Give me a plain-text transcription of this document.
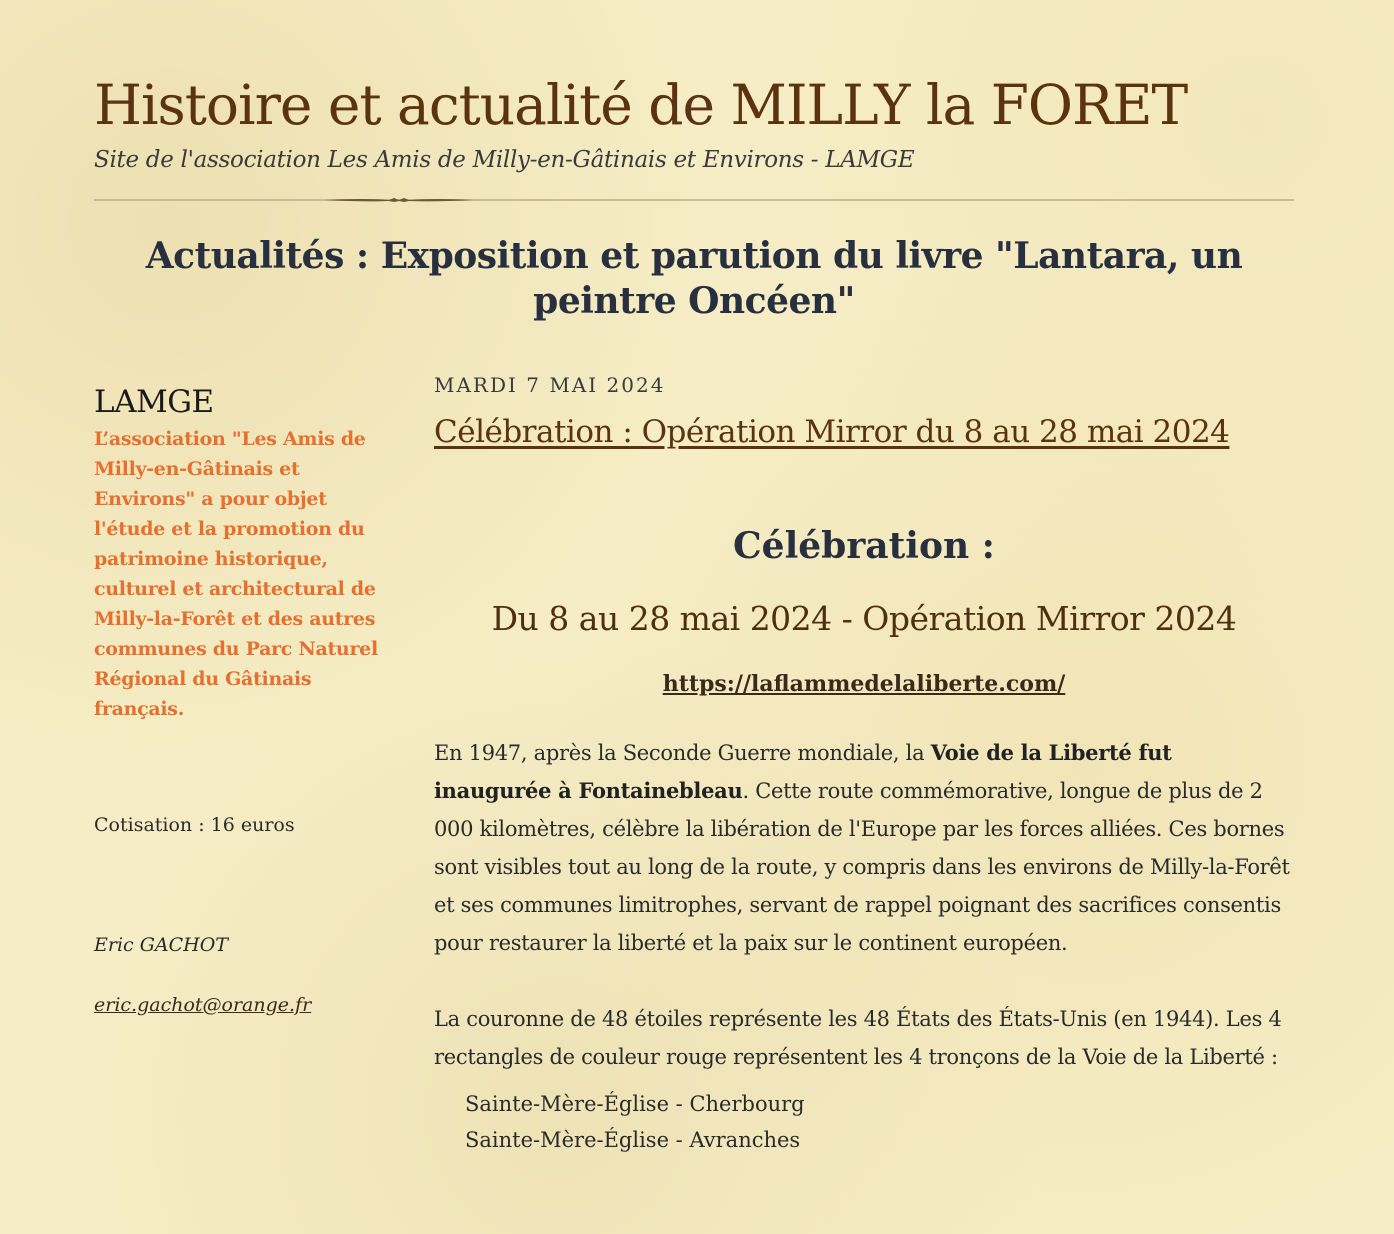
Histoire et actualité de MILLY la FORET

Site de l'association Les Amis de Milly-en-Gâtinais et Environs - LAMGE

Actualités : Exposition et parution du livre "Lantara, un peintre Oncéen"
LAMGE

L’association "Les Amis de Milly-en-Gâtinais et Environs" a pour objet l'étude et la promotion du patrimoine historique, culturel et architectural de Milly-la-Forêt et des autres communes du Parc Naturel Régional du Gâtinais français.

Cotisation : 16 euros

Eric GACHOT

eric.gachot@orange.fr

MARDI 7 MAI 2024

Célébration : Opération Mirror du 8 au 28 mai 2024
Célébration :
Du 8 au 28 mai 2024 - Opération Mirror 2024

https://laflammedelaliberte.com/

En 1947, après la Seconde Guerre mondiale, la Voie de la Liberté fut inaugurée à Fontainebleau. Cette route commémorative, longue de plus de 2 000 kilomètres, célèbre la libération de l'Europe par les forces alliées. Ces bornes sont visibles tout au long de la route, y compris dans les environs de Milly-la-Forêt et ses communes limitrophes, servant de rappel poignant des sacrifices consentis pour restaurer la liberté et la paix sur le continent européen.

La couronne de 48 étoiles représente les 48 États des États-Unis (en 1944). Les 4 rectangles de couleur rouge représentent les 4 tronçons de la Voie de la Liberté :

Sainte-Mère-Église - Cherbourg
Sainte-Mère-Église - Avranches
